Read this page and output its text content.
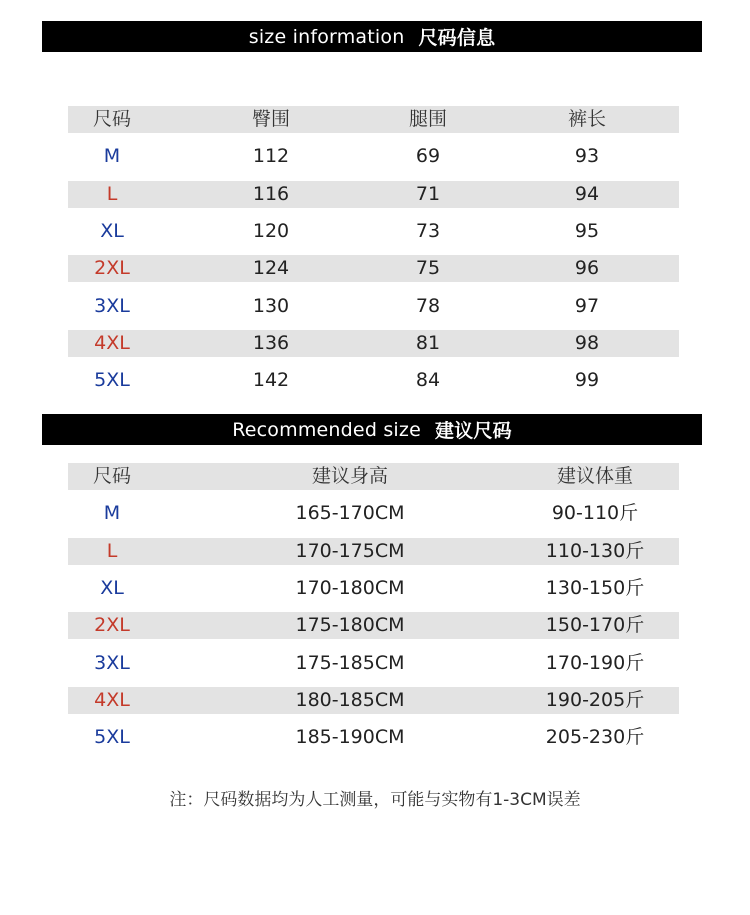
size information 尺码信息
尺码	臀围	腿围	裤长
M	112	69	93
L	116	71	94
XL	120	73	95
2XL	124	75	96
3XL	130	78	97
4XL	136	81	98
5XL	142	84	99
Recommended size 建议尺码
尺码	建议身高	建议体重
M	165-170CM	90-110斤
L	170-175CM	110-130斤
XL	170-180CM	130-150斤
2XL	175-180CM	150-170斤
3XL	175-185CM	170-190斤
4XL	180-185CM	190-205斤
5XL	185-190CM	205-230斤
注：尺码数据均为人工测量，可能与实物有1-3CM误差
